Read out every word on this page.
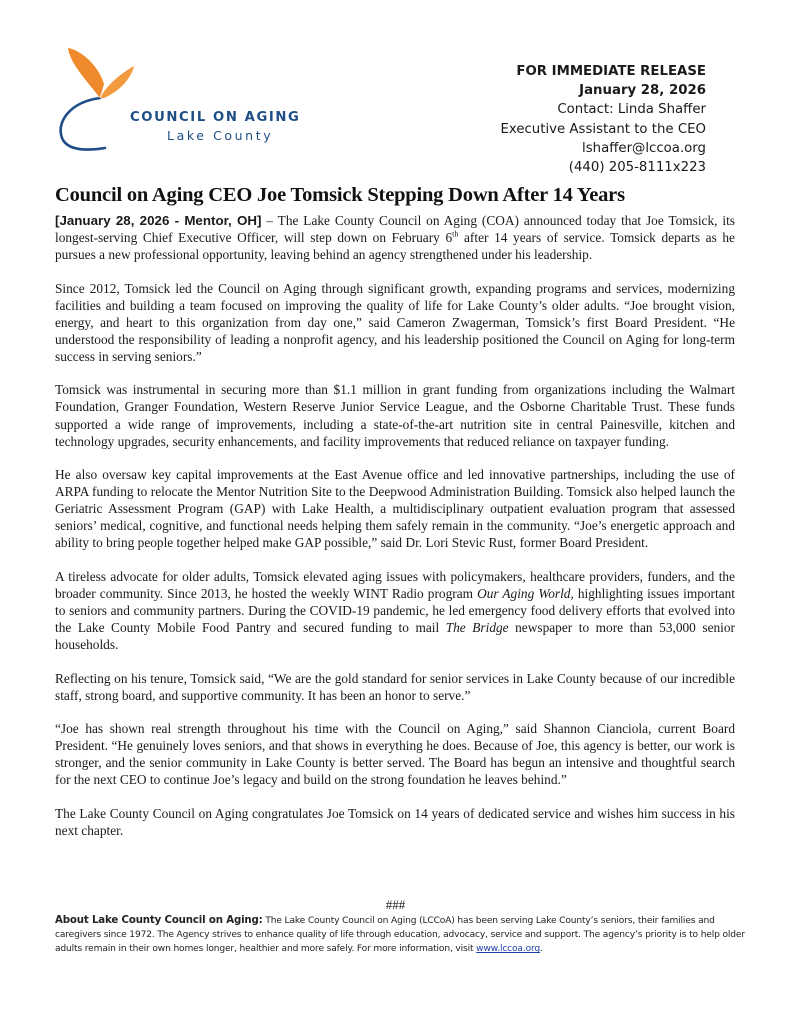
COUNCIL ON AGING
Lake County
FOR IMMEDIATE RELEASE
January 28, 2026
Contact: Linda Shaffer
Executive Assistant to the CEO
lshaffer@lccoa.org
(440) 205-8111x223
Council on Aging CEO Joe Tomsick Stepping Down After 14 Years

[January 28, 2026 - Mentor, OH] – The Lake County Council on Aging (COA) announced today that Joe Tomsick, its longest-serving Chief Executive Officer, will step down on February 6th after 14 years of service. Tomsick departs as he pursues a new professional opportunity, leaving behind an agency strengthened under his leadership.

Since 2012, Tomsick led the Council on Aging through significant growth, expanding programs and services, modernizing facilities and building a team focused on improving the quality of life for Lake County’s older adults. “Joe brought vision, energy, and heart to this organization from day one,” said Cameron Zwagerman, Tomsick’s first Board President. “He understood the responsibility of leading a nonprofit agency, and his leadership positioned the Council on Aging for long-term success in serving seniors.”

Tomsick was instrumental in securing more than $1.1 million in grant funding from organizations including the Walmart Foundation, Granger Foundation, Western Reserve Junior Service League, and the Osborne Charitable Trust. These funds supported a wide range of improvements, including a state-of-the-art nutrition site in central Painesville, kitchen and technology upgrades, security enhancements, and facility improvements that reduced reliance on taxpayer funding.

He also oversaw key capital improvements at the East Avenue office and led innovative partnerships, including the use of ARPA funding to relocate the Mentor Nutrition Site to the Deepwood Administration Building. Tomsick also helped launch the Geriatric Assessment Program (GAP) with Lake Health, a multidisciplinary outpatient evaluation program that assessed seniors’ medical, cognitive, and functional needs helping them safely remain in the community. “Joe’s energetic approach and ability to bring people together helped make GAP possible,” said Dr. Lori Stevic Rust, former Board President.

A tireless advocate for older adults, Tomsick elevated aging issues with policymakers, healthcare providers, funders, and the broader community. Since 2013, he hosted the weekly WINT Radio program Our Aging World, highlighting issues important to seniors and community partners. During the COVID-19 pandemic, he led emergency food delivery efforts that evolved into the Lake County Mobile Food Pantry and secured funding to mail The Bridge newspaper to more than 53,000 senior households.

Reflecting on his tenure, Tomsick said, “We are the gold standard for senior services in Lake County because of our incredible staff, strong board, and supportive community. It has been an honor to serve.”

“Joe has shown real strength throughout his time with the Council on Aging,” said Shannon Cianciola, current Board President. “He genuinely loves seniors, and that shows in everything he does. Because of Joe, this agency is better, our work is stronger, and the senior community in Lake County is better served. The Board has begun an intensive and thoughtful search for the next CEO to continue Joe’s legacy and build on the strong foundation he leaves behind.”

The Lake County Council on Aging congratulates Joe Tomsick on 14 years of dedicated service and wishes him success in his next chapter.

###
About Lake County Council on Aging: The Lake County Council on Aging (LCCoA) has been serving Lake County’s seniors, their families and caregivers since 1972. The Agency strives to enhance quality of life through education, advocacy, service and support. The agency’s priority is to help older adults remain in their own homes longer, healthier and more safely. For more information, visit www.lccoa.org.
